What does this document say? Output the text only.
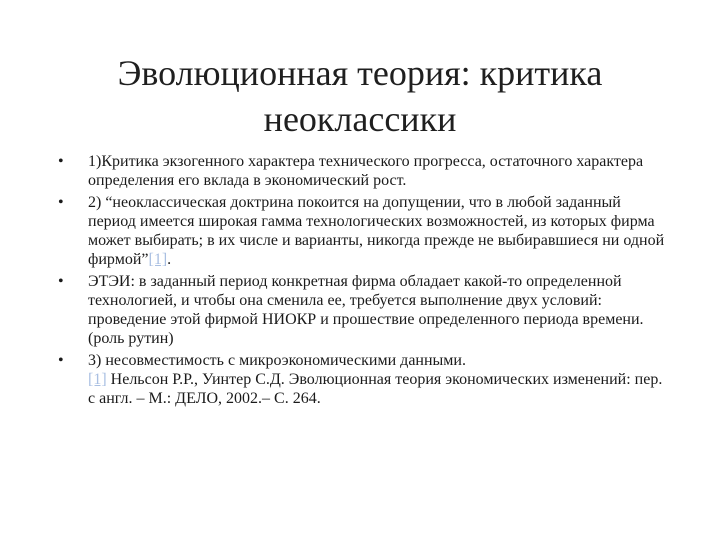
Эволюционная теория: критика
неоклассики
• 1)Критика экзогенного характера технического прогресса, остаточного характера определения его вклада в экономический рост.
• 2) “неоклассическая доктрина покоится на допущении, что в любой заданный период имеется широкая гамма технологических возможностей, из которых фирма может выбирать; в их числе и варианты, никогда прежде не выбиравшиеся ни одной фирмой”[1].
• ЭТЭИ: в заданный период конкретная фирма обладает какой-то определенной технологией, и чтобы она сменила ее, требуется выполнение двух условий: проведение этой фирмой НИОКР и прошествие определенного периода времени. (роль рутин)
• 3) несовместимость с микроэкономическими данными.
[1] Нельсон Р.Р., Уинтер С.Д. Эволюционная теория экономических изменений: пер. с англ. – М.: ДЕЛО, 2002.– С. 264.
